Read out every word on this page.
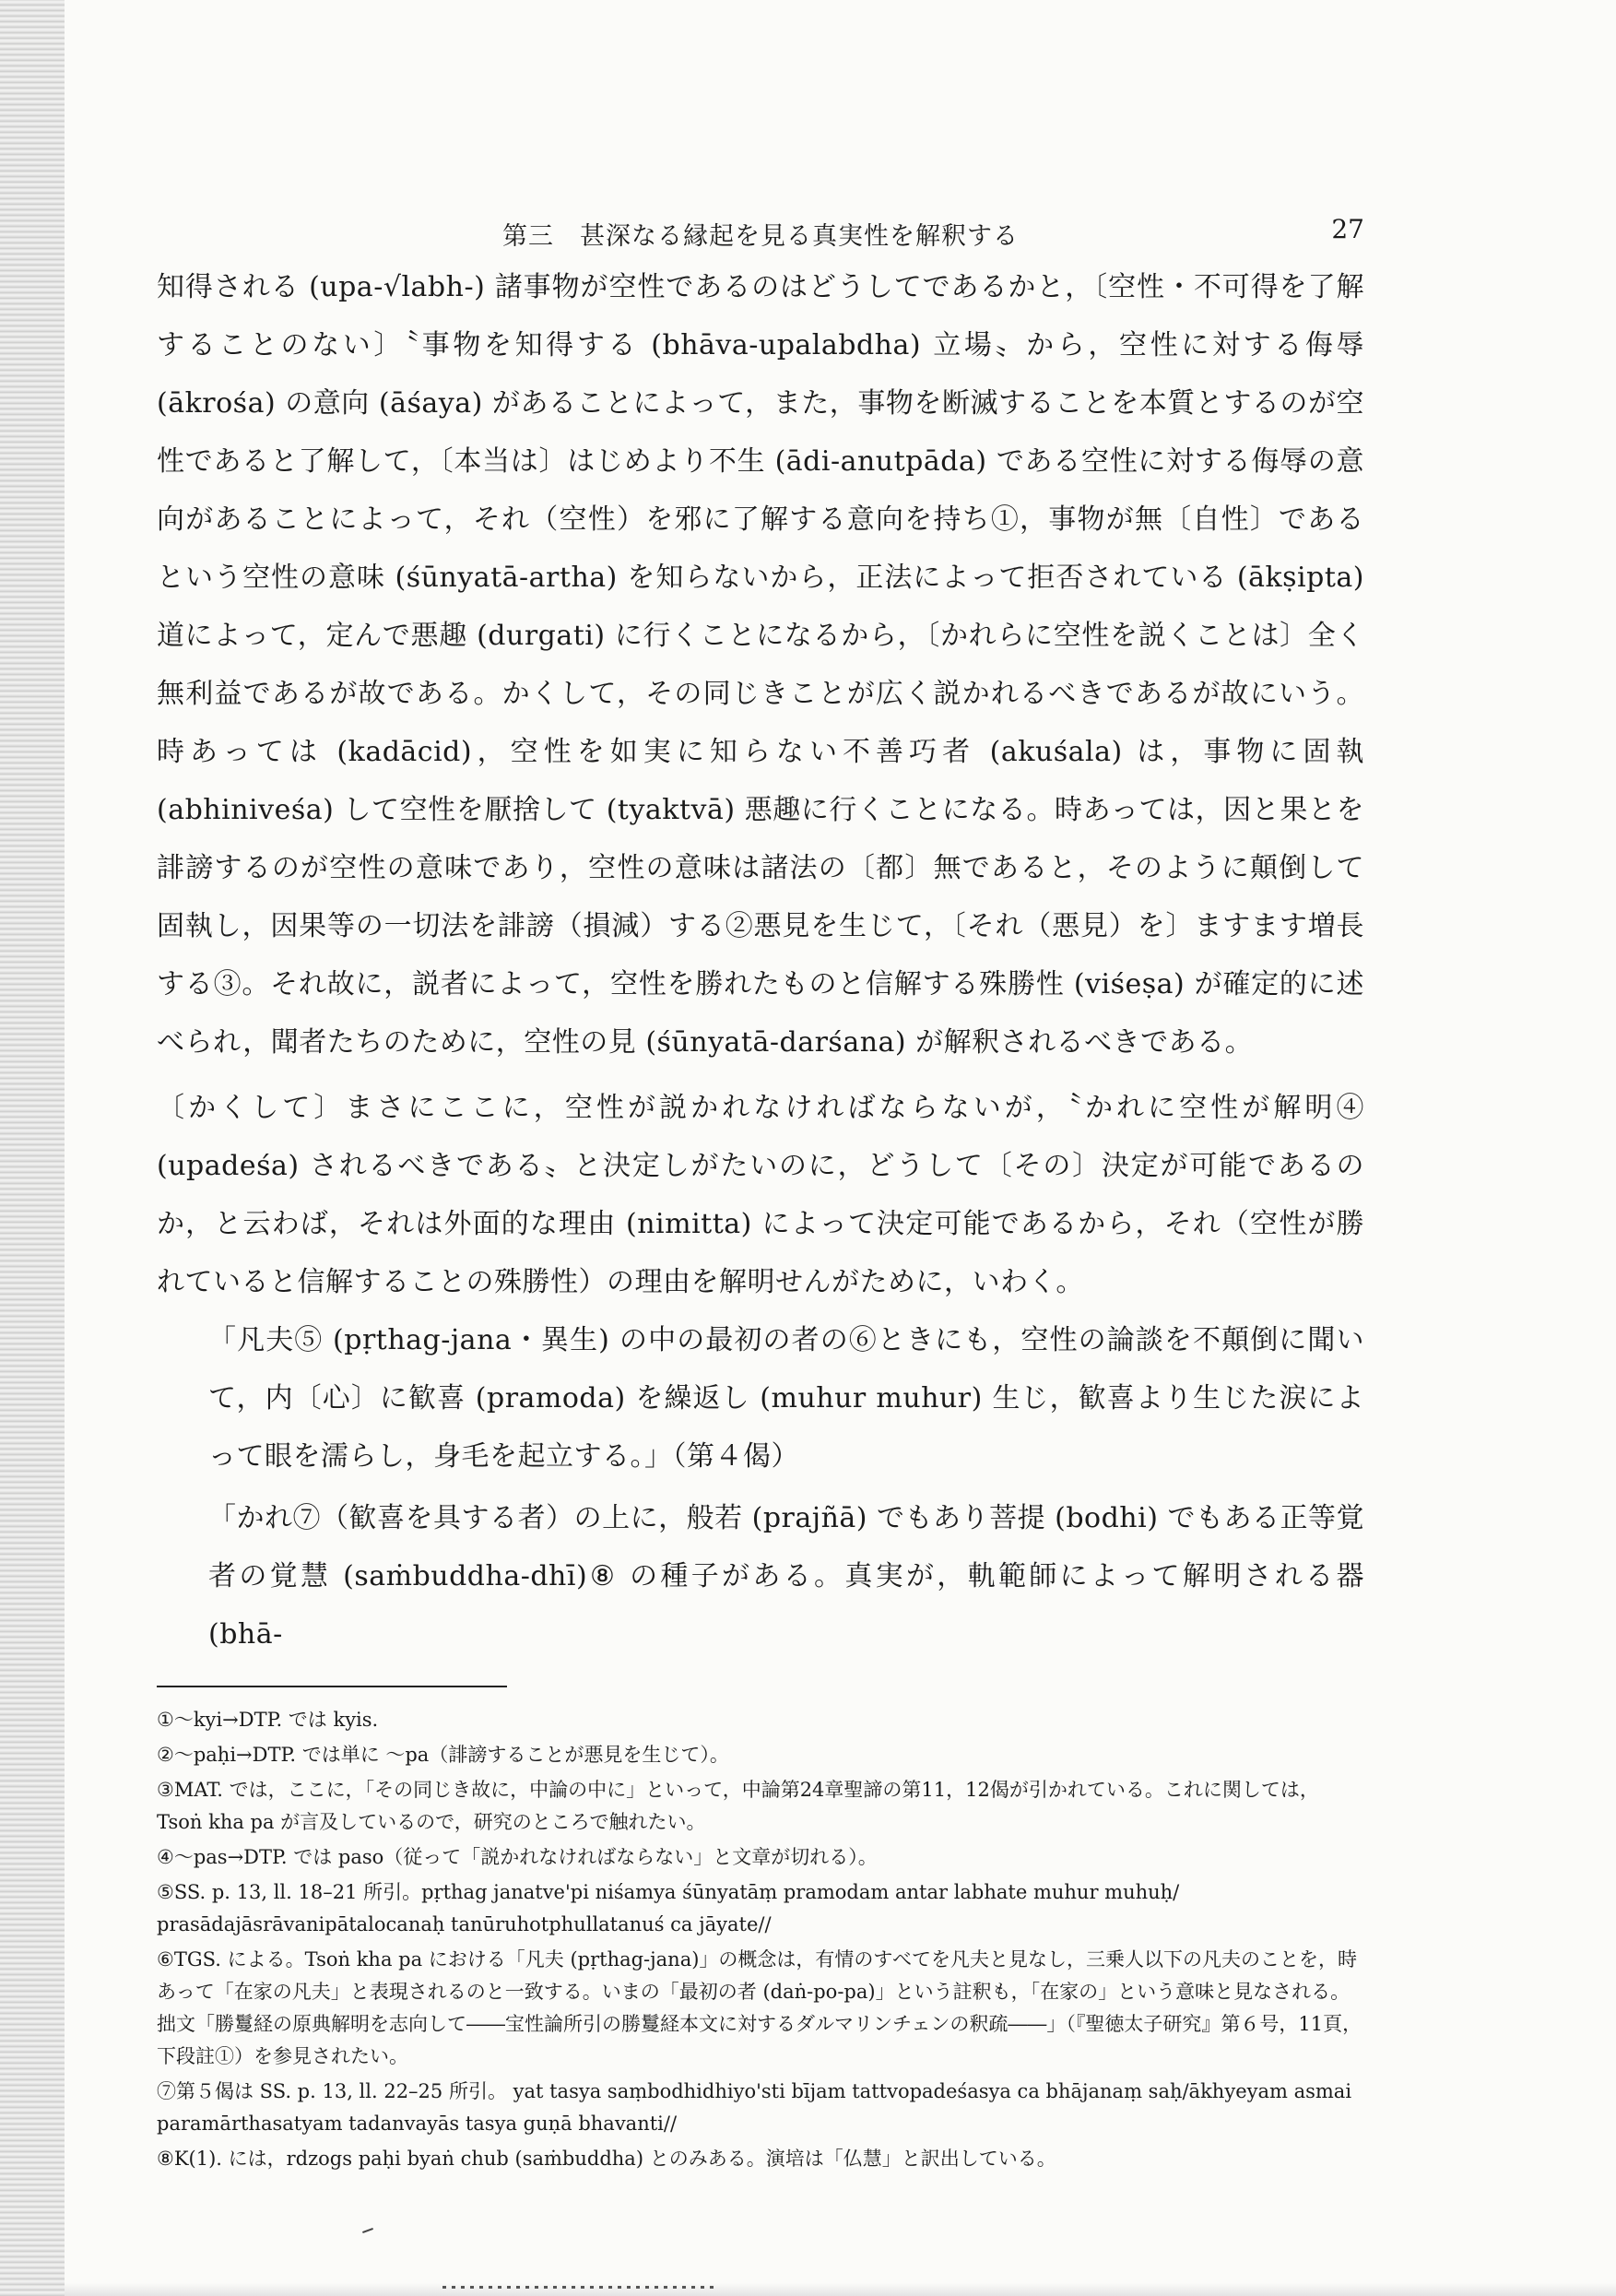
第三　甚深なる縁起を見る真実性を解釈する	27

知得される (upa-√labh-) 諸事物が空性であるのはどうしてであるかと，〔空性・不可得を了解することのない〕〝事物を知得する (bhāva-upalabdha) 立場〟から，空性に対する侮辱 (ākrośa) の意向 (āśaya) があることによって，また，事物を断滅することを本質とするのが空性であると了解して，〔本当は〕はじめより不生 (ādi-anutpāda) である空性に対する侮辱の意向があることによって，それ（空性）を邪に了解する意向を持ち①，事物が無〔自性〕であるという空性の意味 (śūnyatā-artha) を知らないから，正法によって拒否されている (ākṣipta) 道によって，定んで悪趣 (durgati) に行くことになるから，〔かれらに空性を説くことは〕全く無利益であるが故である。かくして，その同じきことが広く説かれるべきであるが故にいう。時あっては (kadācid)，空性を如実に知らない不善巧者 (akuśala) は，事物に固執 (abhiniveśa) して空性を厭捨して (tyaktvā) 悪趣に行くことになる。時あっては，因と果とを誹謗するのが空性の意味であり，空性の意味は諸法の〔都〕無であると，そのように顛倒して固執し，因果等の一切法を誹謗（損減）する②悪見を生じて，〔それ（悪見）を〕ますます増長する③。それ故に，説者によって，空性を勝れたものと信解する殊勝性 (viśeṣa) が確定的に述べられ，聞者たちのために，空性の見 (śūnyatā-darśana) が解釈されるべきである。

〔かくして〕まさにここに，空性が説かれなければならないが，〝かれに空性が解明④ (upadeśa) されるべきである〟と決定しがたいのに，どうして〔その〕決定が可能であるのか，と云わば，それは外面的な理由 (nimitta) によって決定可能であるから，それ（空性が勝れていると信解することの殊勝性）の理由を解明せんがために，いわく。

「凡夫⑤ (pṛthag-jana・異生) の中の最初の者の⑥ときにも，空性の論談を不顛倒に聞いて，内〔心〕に歓喜 (pramoda) を繰返し (muhur muhur) 生じ，歓喜より生じた涙によって眼を濡らし，身毛を起立する。」（第４偈）

「かれ⑦（歓喜を具する者）の上に，般若 (prajñā) でもあり菩提 (bodhi) でもある正等覚者の覚慧 (saṁbuddha-dhī)⑧ の種子がある。真実が，軌範師によって解明される器 (bhā-

①～kyi→DTP. では kyis.

②～paḥi→DTP. では単に ～pa（誹謗することが悪見を生じて）。

③MAT. では，ここに，「その同じき故に，中論の中に」といって，中論第24章聖諦の第11，12偈が引かれている。これに関しては，Tsoṅ kha pa が言及しているので，研究のところで触れたい。

④～pas→DTP. では paso（従って「説かれなければならない」と文章が切れる）。

⑤SS. p. 13, ll. 18–21 所引。pṛthag janatve'pi niśamya śūnyatāṃ pramodam antar labhate muhur muhuḥ/ prasādajāsrāvanipātalocanaḥ tanūruhotphullatanuś ca jāyate//

⑥TGS. による。Tsoṅ kha pa における「凡夫 (pṛthag-jana)」の概念は，有情のすべてを凡夫と見なし，三乗人以下の凡夫のことを，時あって「在家の凡夫」と表現されるのと一致する。いまの「最初の者 (daṅ-po-pa)」という註釈も，「在家の」という意味と見なされる。拙文「勝鬘経の原典解明を志向して――宝性論所引の勝鬘経本文に対するダルマリンチェンの釈疏――」（『聖徳太子研究』第６号，11頁，下段註①）を参見されたい。

⑦第５偈は SS. p. 13, ll. 22–25 所引。 yat tasya saṃbodhidhiyo'sti bījam tattvopadeśasya ca bhājanaṃ saḥ/ākhyeyam asmai paramārthasatyam tadanvayās tasya guṇā bhavanti//

⑧K(1). には，rdzogs paḥi byaṅ chub (saṁbuddha) とのみある。演培は「仏慧」と訳出している。
